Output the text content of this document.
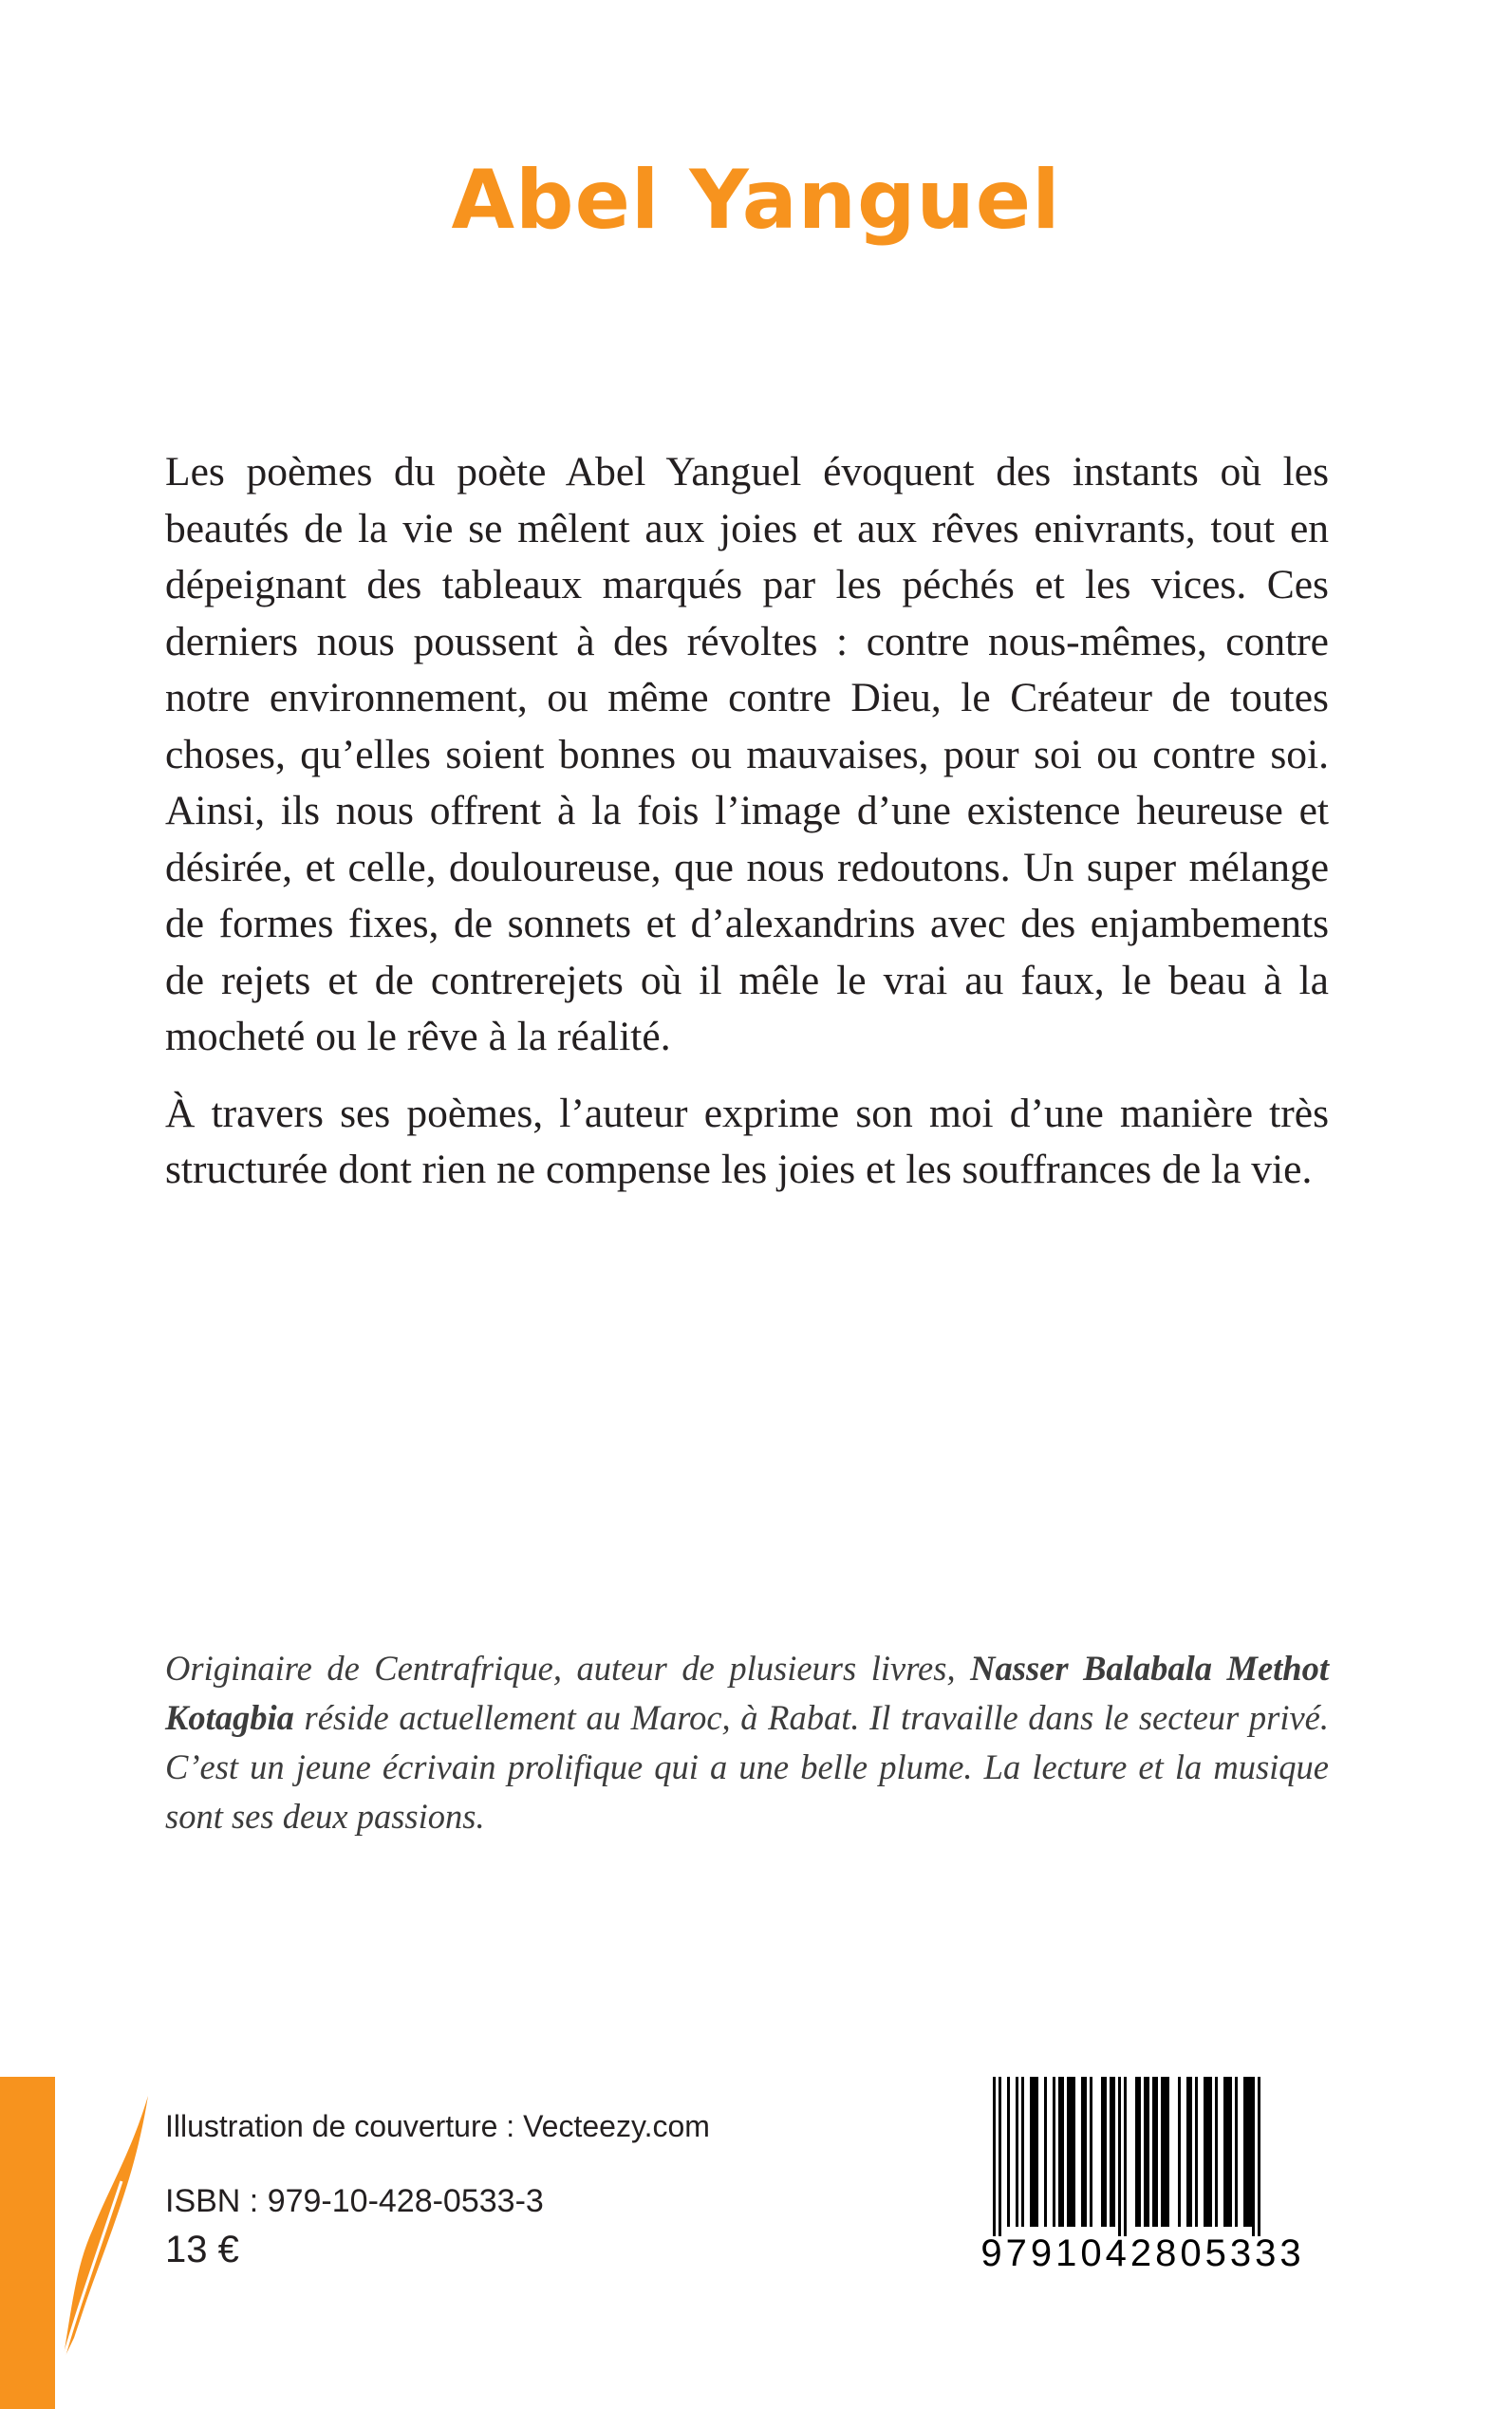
Abel Yanguel

Les poèmes du poète Abel Yanguel évoquent des instants où les beautés de la vie se mêlent aux joies et aux rêves enivrants, tout en dépeignant des tableaux marqués par les péchés et les vices. Ces derniers nous poussent à des révoltes : contre nous-mêmes, contre notre environnement, ou même contre Dieu, le Créateur de toutes choses, qu’elles soient bonnes ou mauvaises, pour soi ou contre soi. Ainsi, ils nous offrent à la fois l’image d’une existence heureuse et désirée, et celle, douloureuse, que nous redoutons. Un super mélange de formes fixes, de sonnets et d’alexandrins avec des enjambements de rejets et de contrerejets où il mêle le vrai au faux, le beau à la mocheté ou le rêve à la réalité.

À travers ses poèmes, l’auteur exprime son moi d’une manière très structurée dont rien ne compense les joies et les souffrances de la vie.

Originaire de Centrafrique, auteur de plusieurs livres, Nasser Balabala Methot Kotagbia réside actuellement au Maroc, à Rabat. Il travaille dans le secteur privé. C’est un jeune écrivain prolifique qui a une belle plume. La lecture et la musique sont ses deux passions.

Illustration de couverture : Vecteezy.com

ISBN : 979-10-428-0533-3

13 €	9791042805333
